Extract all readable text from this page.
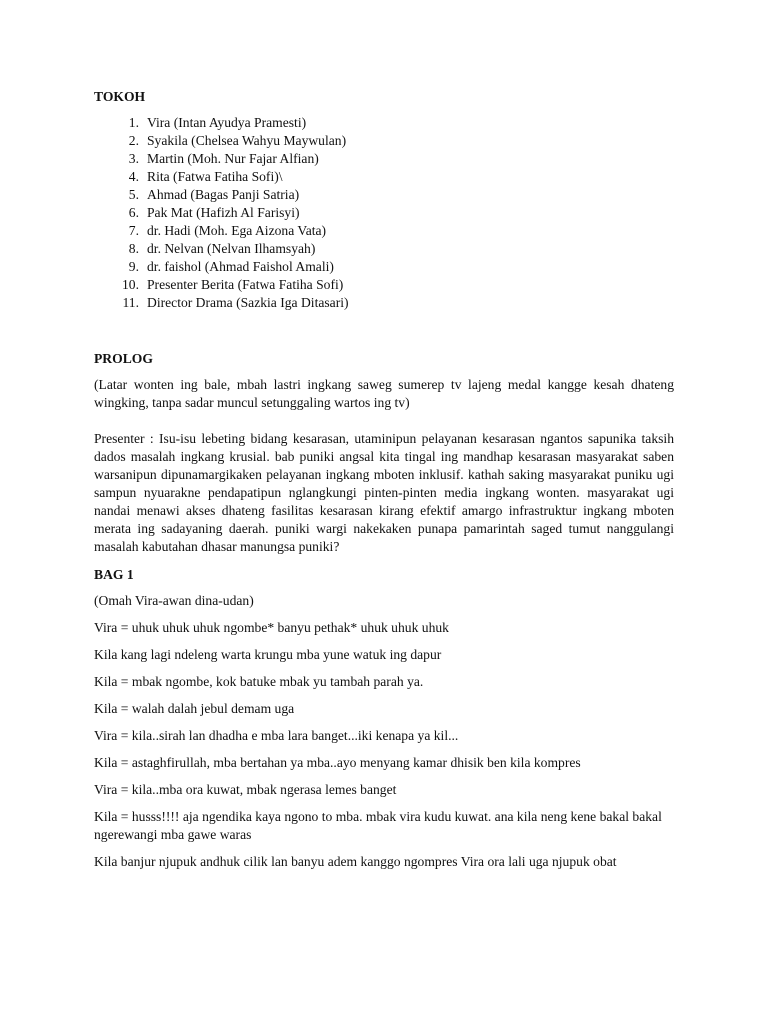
TOKOH

1. Vira (Intan Ayudya Pramesti)
2. Syakila (Chelsea Wahyu Maywulan)
3. Martin (Moh. Nur Fajar Alfian)
4. Rita (Fatwa Fatiha Sofi)\
5. Ahmad (Bagas Panji Satria)
6. Pak Mat (Hafizh Al Farisyi)
7. dr. Hadi (Moh. Ega Aizona Vata)
8. dr. Nelvan (Nelvan Ilhamsyah)
9. dr. faishol (Ahmad Faishol Amali)
10. Presenter Berita (Fatwa Fatiha Sofi)
11. Director Drama (Sazkia Iga Ditasari)

PROLOG

(Latar wonten ing bale, mbah lastri ingkang saweg sumerep tv lajeng medal kangge kesah dhateng wingking, tanpa sadar muncul setunggaling wartos ing tv)

Presenter : Isu-isu lebeting bidang kesarasan, utaminipun pelayanan kesarasan ngantos sapunika taksih dados masalah ingkang krusial. bab puniki angsal kita tingal ing mandhap kesarasan masyarakat saben warsanipun dipunamargikaken pelayanan ingkang mboten inklusif. kathah saking masyarakat puniku ugi sampun nyuarakne pendapatipun nglangkungi pinten-pinten media ingkang wonten. masyarakat ugi nandai menawi akses dhateng fasilitas kesarasan kirang efektif amargo infrastruktur ingkang mboten merata ing sadayaning daerah. puniki wargi nakekaken punapa pamarintah saged tumut nanggulangi masalah kabutahan dhasar manungsa puniki?

BAG 1

(Omah Vira-awan dina-udan)

Vira = uhuk uhuk uhuk ngombe* banyu pethak* uhuk uhuk uhuk

Kila kang lagi ndeleng warta krungu mba yune watuk ing dapur

Kila = mbak ngombe, kok batuke mbak yu tambah parah ya.

Kila = walah dalah jebul demam uga

Vira = kila..sirah lan dhadha e mba lara banget...iki kenapa ya kil...

Kila = astaghfirullah, mba bertahan ya mba..ayo menyang kamar dhisik ben kila kompres

Vira = kila..mba ora kuwat, mbak ngerasa lemes banget

Kila = husss!!!! aja ngendika kaya ngono to mba. mbak vira kudu kuwat. ana kila neng kene bakal bakal ngerewangi mba gawe waras

Kila banjur njupuk andhuk cilik lan banyu adem kanggo ngompres Vira ora lali uga njupuk obat
